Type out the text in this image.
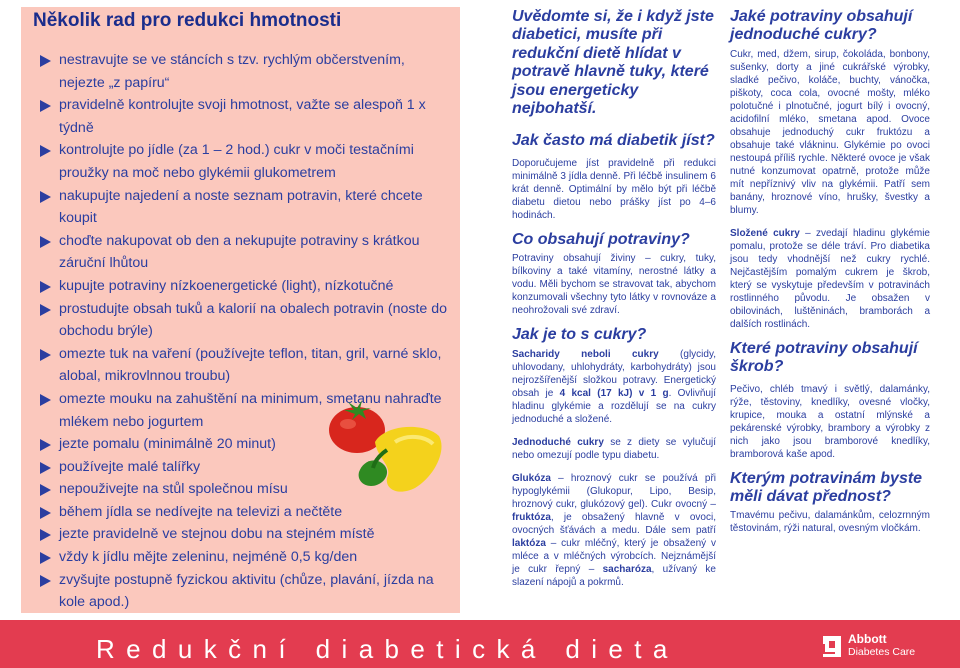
Několik rad pro redukci hmotnosti
nestravujte se ve stáncích s tzv. rychlým občerstvením, nejezte „z papíru“
pravidelně kontrolujte svoji hmotnost, važte se alespoň 1 x týdně
kontrolujte po jídle (za 1 – 2 hod.) cukr v moči testačními proužky na moč nebo glykémii glukometrem
nakupujte najedení a noste seznam potravin, které chcete koupit
choďte nakupovat ob den a nekupujte potraviny s krátkou záruční lhůtou
kupujte potraviny nízkoenergetické (light), nízkotučné
prostudujte obsah tuků a kalorií na obalech potravin (noste do obchodu brýle)
omezte tuk na vaření (používejte teflon, titan, gril, varné sklo, alobal, mikrovlnnou troubu)
omezte mouku na zahuštění na minimum, smetanu nahraďte mlékem nebo jogurtem
jezte pomalu (minimálně 20 minut)
používejte malé talířky
nepouživejte na stůl společnou mísu
během jídla se nedívejte na televizi a nečtěte
jezte pravidelně ve stejnou dobu na stejném místě
vždy k jídlu mějte zeleninu, nejméně 0,5 kg/den
zvyšujte postupně fyzickou aktivitu (chůze, plavání, jízda na kole apod.)

Uvědomte si, že i když jste diabetici, musíte při redukční dietě hlídat v potravě hlavně tuky, které jsou energeticky nejbohatší.

Jak často má diabetik jíst?

Doporučujeme jíst pravidelně při redukci minimálně 3 jídla denně. Při léčbě insulinem 6 krát denně. Optimální by mělo být při léčbě diabetu dietou nebo prášky jíst po 4–6 hodinách.

Co obsahují potraviny?

Potraviny obsahují živiny – cukry, tuky, bílkoviny a také vitamíny, nerostné látky a vodu. Měli bychom se stravovat tak, abychom konzumovali všechny tyto látky v rovnováze a neohrožovali své zdraví.

Jak je to s cukry?

Sacharidy neboli cukry (glycidy, uhlovodany, uhlohydráty, karbohydráty) jsou nejrozšířenější složkou potravy. Energetický obsah je 4 kcal (17 kJ) v 1 g. Ovlivňují hladinu glykémie a rozdělují se na cukry jednoduché a složené.

Jednoduché cukry se z diety se vylučují nebo omezují podle typu diabetu.

Glukóza – hroznový cukr se používá při hypoglykémii (Glukopur, Lipo, Besip, hroznový cukr, glukózový gel). Cukr ovocný – fruktóza, je obsažený hlavně v ovoci, ovocných šťávách a medu. Dále sem patří laktóza – cukr mléčný, který je obsažený v mléce a v mléčných výrobcích. Nejznámější je cukr řepný – sacharóza, užívaný ke slazení nápojů a pokrmů.

Jaké potraviny obsahují jednoduché cukry?

Cukr, med, džem, sirup, čokoláda, bonbony, sušenky, dorty a jiné cukrářské výrobky, sladké pečivo, koláče, buchty, vánočka, piškoty, coca cola, ovocné mošty, mléko polotučné i plnotučné, jogurt bílý i ovocný, acidofilní mléko, smetana apod. Ovoce obsahuje jednoduchý cukr fruktózu a obsahuje také vlákninu. Glykémie po ovoci nestoupá příliš rychle. Některé ovoce je však nutné konzumovat opatrně, protože může mít nepříznivý vliv na glykémii. Patří sem banány, hroznové víno, hrušky, švestky a blumy.

Složené cukry – zvedají hladinu glykémie pomalu, protože se déle tráví. Pro diabetika jsou tedy vhodnější než cukry rychlé. Nejčastějším pomalým cukrem je škrob, který se vyskytuje především v potravinách rostlinného původu. Je obsažen v obilovinách, luštěninách, bramborách a dalších rostlinách.

Které potraviny obsahují škrob?

Pečivo, chléb tmavý i světlý, dalamánky, rýže, těstoviny, knedlíky, ovesné vločky, krupice, mouka a ostatní mlýnské a pekárenské výrobky, brambory a výrobky z nich jako jsou bramborové knedlíky, bramborová kaše apod.

Kterým potravinám byste měli dávat přednost?

Tmavému pečivu, dalamánkům, celozrnným těstovinám, rýži natural, ovesným vločkám.

Redukční diabetická dieta	Abbott
Diabetes Care
